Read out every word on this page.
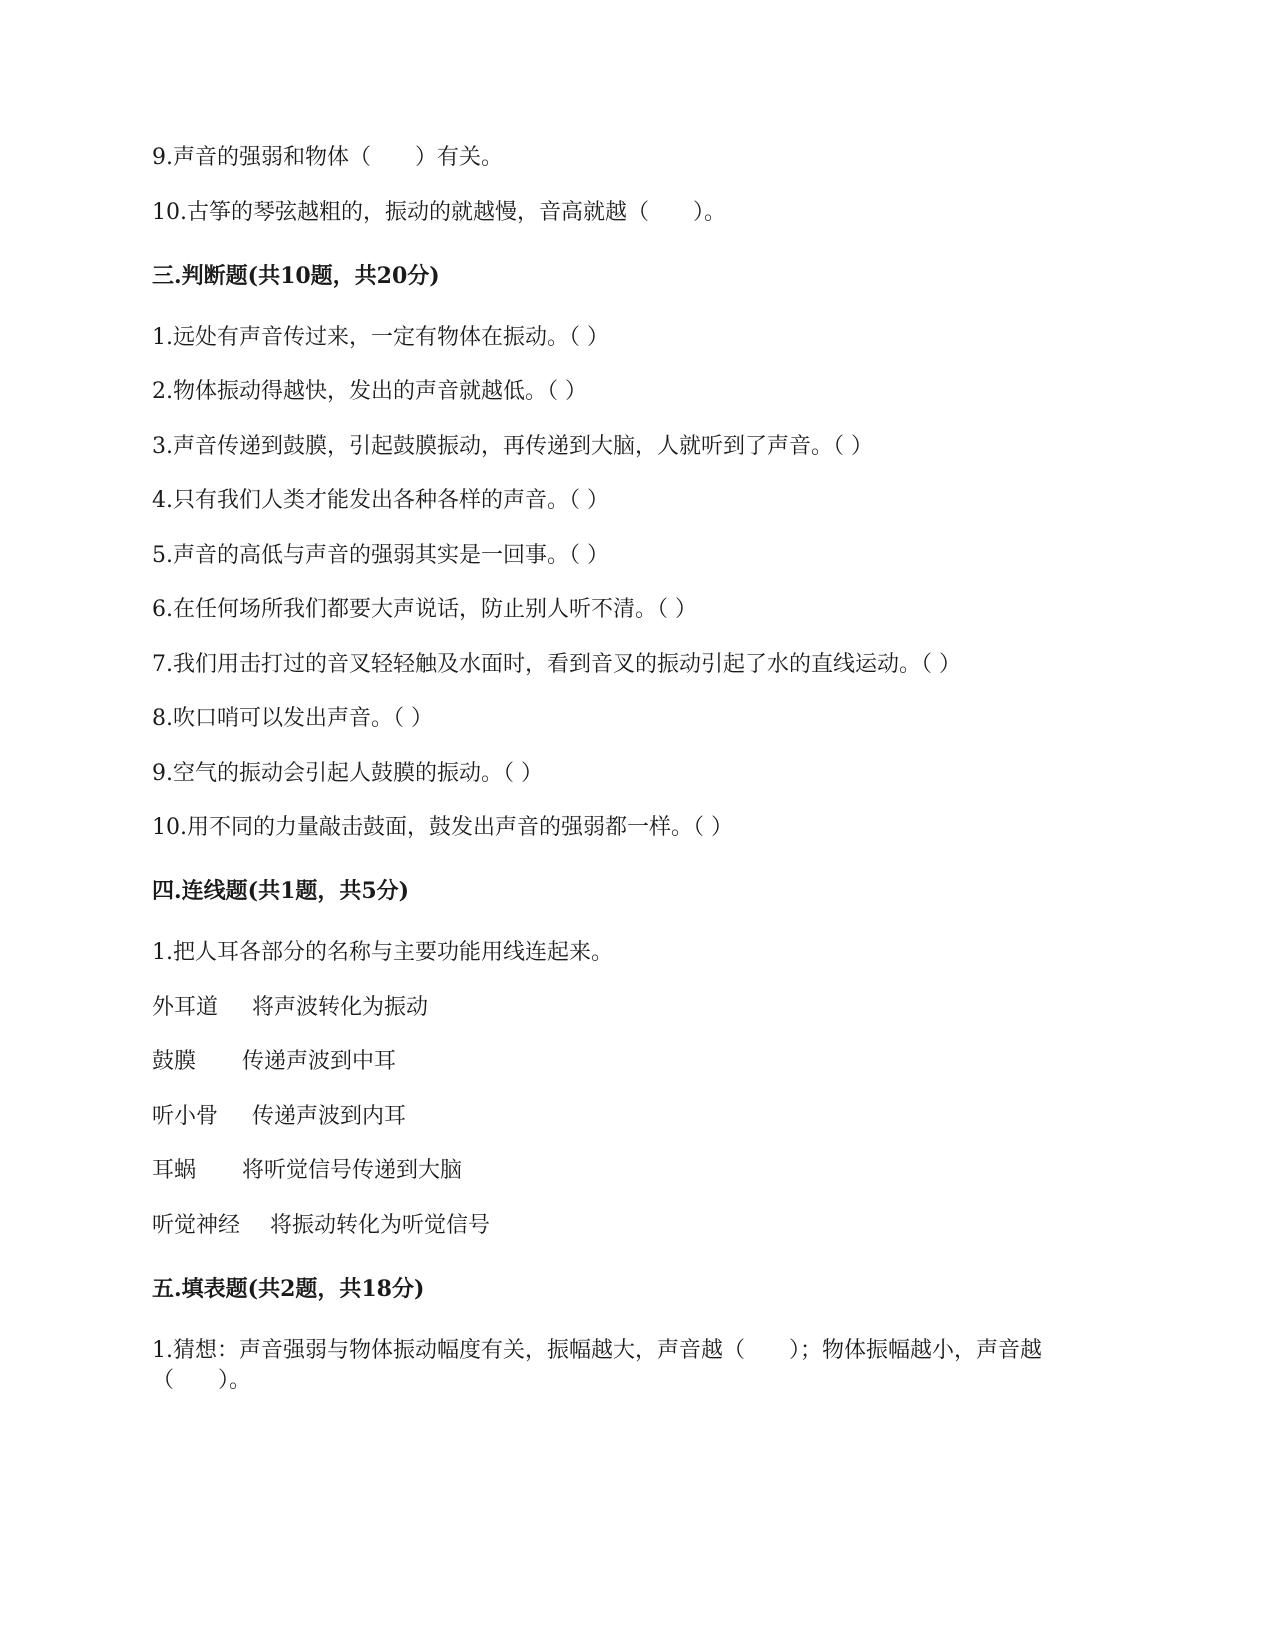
9.声音的强弱和物体（　　）有关。
10.古筝的琴弦越粗的，振动的就越慢，音高就越（　　）。
三.判断题(共10题，共20分)
1.远处有声音传过来，一定有物体在振动。（ ）
2.物体振动得越快，发出的声音就越低。（ ）
3.声音传递到鼓膜，引起鼓膜振动，再传递到大脑，人就听到了声音。（ ）
4.只有我们人类才能发出各种各样的声音。（ ）
5.声音的高低与声音的强弱其实是一回事。（ ）
6.在任何场所我们都要大声说话，防止别人听不清。（ ）
7.我们用击打过的音叉轻轻触及水面时，看到音叉的振动引起了水的直线运动。（ ）
8.吹口哨可以发出声音。（ ）
9.空气的振动会引起人鼓膜的振动。（ ）
10.用不同的力量敲击鼓面，鼓发出声音的强弱都一样。（ ）
四.连线题(共1题，共5分)
1.把人耳各部分的名称与主要功能用线连起来。
外耳道 将声波转化为振动
鼓膜 传递声波到中耳
听小骨 传递声波到内耳
耳蜗 将听觉信号传递到大脑
听觉神经 将振动转化为听觉信号
五.填表题(共2题，共18分)
1.猜想：声音强弱与物体振动幅度有关，振幅越大，声音越（　　）；物体振幅越小，声音越（　　）。
